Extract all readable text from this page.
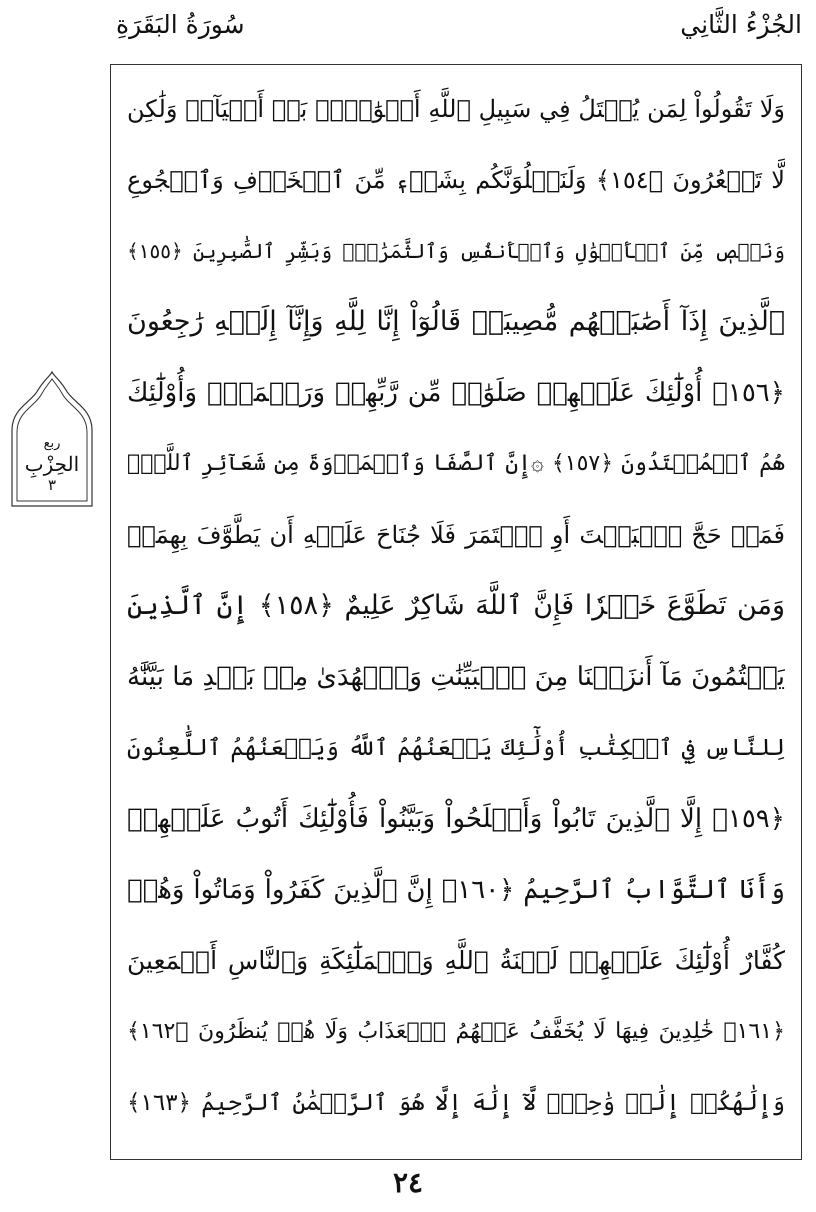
الجُزْءُ الثَّانِي
سُورَةُ البَقَرَةِ
وَلَا تَقُولُواْ لِمَن يُقۡتَلُ فِي سَبِيلِ ٱللَّهِ أَمۡوَٰتُۢۚ بَلۡ أَحۡيَآءٞ وَلَٰكِن
لَّا تَشۡعُرُونَ ﴿١٥٤﴾ وَلَنَبۡلُوَنَّكُم بِشَيۡءٖ مِّنَ ٱلۡخَوۡفِ وَٱلۡجُوعِ
وَنَقۡصٖ مِّنَ ٱلۡأَمۡوَٰلِ وَٱلۡأَنفُسِ وَٱلثَّمَرَٰتِۗ وَبَشِّرِ ٱلصَّٰبِرِينَ ﴿١٥٥﴾
ٱلَّذِينَ إِذَآ أَصَٰبَتۡهُم مُّصِيبَةٞ قَالُوٓاْ إِنَّا لِلَّهِ وَإِنَّآ إِلَيۡهِ رَٰجِعُونَ
﴿١٥٦﴾ أُوْلَٰٓئِكَ عَلَيۡهِمۡ صَلَوَٰتٞ مِّن رَّبِّهِمۡ وَرَحۡمَةٞۖ وَأُوْلَٰٓئِكَ
هُمُ ٱلۡمُهۡتَدُونَ ﴿١٥٧﴾ ۞إِنَّ ٱلصَّفَا وَٱلۡمَرۡوَةَ مِن شَعَآئِرِ ٱللَّهِۖ
فَمَنۡ حَجَّ ٱلۡبَيۡتَ أَوِ ٱعۡتَمَرَ فَلَا جُنَاحَ عَلَيۡهِ أَن يَطَّوَّفَ بِهِمَاۚ
وَمَن تَطَوَّعَ خَيۡرٗا فَإِنَّ ٱللَّهَ شَاكِرٌ عَلِيمٌ ﴿١٥٨﴾ إِنَّ ٱلَّذِينَ
يَكۡتُمُونَ مَآ أَنزَلۡنَا مِنَ ٱلۡبَيِّنَٰتِ وَٱلۡهُدَىٰ مِنۢ بَعۡدِ مَا بَيَّنَّٰهُ
لِلنَّاسِ فِي ٱلۡكِتَٰبِ أُوْلَٰٓئِكَ يَلۡعَنُهُمُ ٱللَّهُ وَيَلۡعَنُهُمُ ٱللَّٰعِنُونَ
﴿١٥٩﴾ إِلَّا ٱلَّذِينَ تَابُواْ وَأَصۡلَحُواْ وَبَيَّنُواْ فَأُوْلَٰٓئِكَ أَتُوبُ عَلَيۡهِمۡ
وَأَنَا ٱلتَّوَّابُ ٱلرَّحِيمُ ﴿١٦٠﴾ إِنَّ ٱلَّذِينَ كَفَرُواْ وَمَاتُواْ وَهُمۡ
كُفَّارٌ أُوْلَٰٓئِكَ عَلَيۡهِمۡ لَعۡنَةُ ٱللَّهِ وَٱلۡمَلَٰٓئِكَةِ وَٱلنَّاسِ أَجۡمَعِينَ
﴿١٦١﴾ خَٰلِدِينَ فِيهَا لَا يُخَفَّفُ عَنۡهُمُ ٱلۡعَذَابُ وَلَا هُمۡ يُنظَرُونَ ﴿١٦٢﴾
وَإِلَٰهُكُمۡ إِلَٰهٞ وَٰحِدٞۖ لَّآ إِلَٰهَ إِلَّا هُوَ ٱلرَّحۡمَٰنُ ٱلرَّحِيمُ ﴿١٦٣﴾
ربع
الحِزْبِ
٣
٢٤
